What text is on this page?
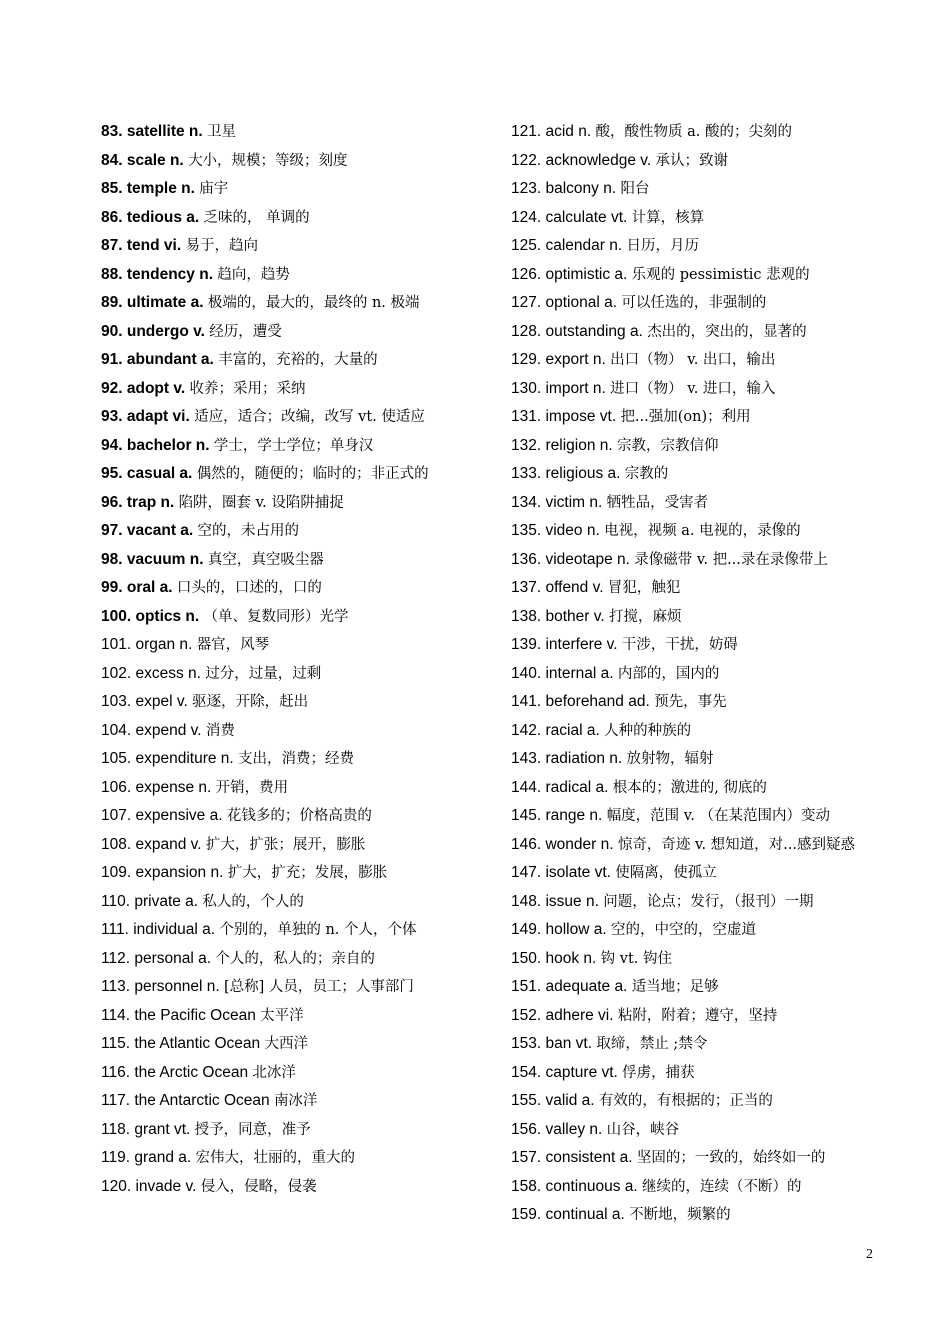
83. satellite n. 卫星

84. scale n. 大小，规模；等级；刻度

85. temple n. 庙宇

86. tedious a. 乏味的， 单调的

87. tend vi. 易于，趋向

88. tendency n. 趋向，趋势

89. ultimate a. 极端的，最大的，最终的 n. 极端

90. undergo v. 经历，遭受

91. abundant a. 丰富的，充裕的，大量的

92. adopt v. 收养；采用；采纳

93. adapt vi. 适应，适合；改编，改写 vt. 使适应

94. bachelor n. 学士，学士学位；单身汉

95. casual a. 偶然的，随便的；临时的；非正式的

96. trap n. 陷阱，圈套 v. 设陷阱捕捉

97. vacant a. 空的，未占用的

98. vacuum n. 真空，真空吸尘器

99. oral a. 口头的，口述的，口的

100. optics n. （单、复数同形）光学

101. organ n. 器官，风琴

102. excess n. 过分，过量，过剩

103. expel v. 驱逐，开除，赶出

104. expend v. 消费

105. expenditure n. 支出，消费；经费

106. expense n. 开销，费用

107. expensive a. 花钱多的；价格高贵的

108. expand v. 扩大，扩张；展开，膨胀

109. expansion n. 扩大，扩充；发展，膨胀

110. private a. 私人的，个人的

111. individual a. 个别的，单独的 n. 个人，个体

112. personal a. 个人的，私人的；亲自的

113. personnel n. [总称] 人员，员工；人事部门

114. the Pacific Ocean 太平洋

115. the Atlantic Ocean 大西洋

116. the Arctic Ocean 北冰洋

117. the Antarctic Ocean 南冰洋

118. grant vt. 授予，同意，准予

119. grand a. 宏伟大，壮丽的，重大的

120. invade v. 侵入，侵略，侵袭

121. acid n. 酸，酸性物质 a. 酸的；尖刻的

122. acknowledge v. 承认；致谢

123. balcony n. 阳台

124. calculate vt. 计算，核算

125. calendar n. 日历，月历

126. optimistic a. 乐观的 pessimistic 悲观的

127. optional a. 可以任选的，非强制的

128. outstanding a. 杰出的，突出的，显著的

129. export n. 出口（物） v. 出口，输出

130. import n. 进口（物） v. 进口，输入

131. impose vt. 把...强加(on)；利用

132. religion n. 宗教，宗教信仰

133. religious a. 宗教的

134. victim n. 牺牲品，受害者

135. video n. 电视，视频 a. 电视的，录像的

136. videotape n. 录像磁带 v. 把...录在录像带上

137. offend v. 冒犯，触犯

138. bother v. 打搅，麻烦

139. interfere v. 干涉，干扰，妨碍

140. internal a. 内部的，国内的

141. beforehand ad. 预先，事先

142. racial a. 人种的种族的

143. radiation n. 放射物，辐射

144. radical a. 根本的；激进的, 彻底的

145. range n. 幅度，范围 v. （在某范围内）变动

146. wonder n. 惊奇，奇迹 v. 想知道，对...感到疑惑

147. isolate vt. 使隔离，使孤立

148. issue n. 问题，论点；发行，（报刊）一期

149. hollow a. 空的，中空的，空虚道

150. hook n. 钩 vt. 钩住

151. adequate a. 适当地；足够

152. adhere vi. 粘附，附着；遵守，坚持

153. ban vt. 取缔，禁止 ;禁令

154. capture vt. 俘虏，捕获

155. valid a. 有效的，有根据的；正当的

156. valley n. 山谷，峡谷

157. consistent a. 坚固的；一致的，始终如一的

158. continuous a. 继续的，连续（不断）的

159. continual a. 不断地，频繁的

2
